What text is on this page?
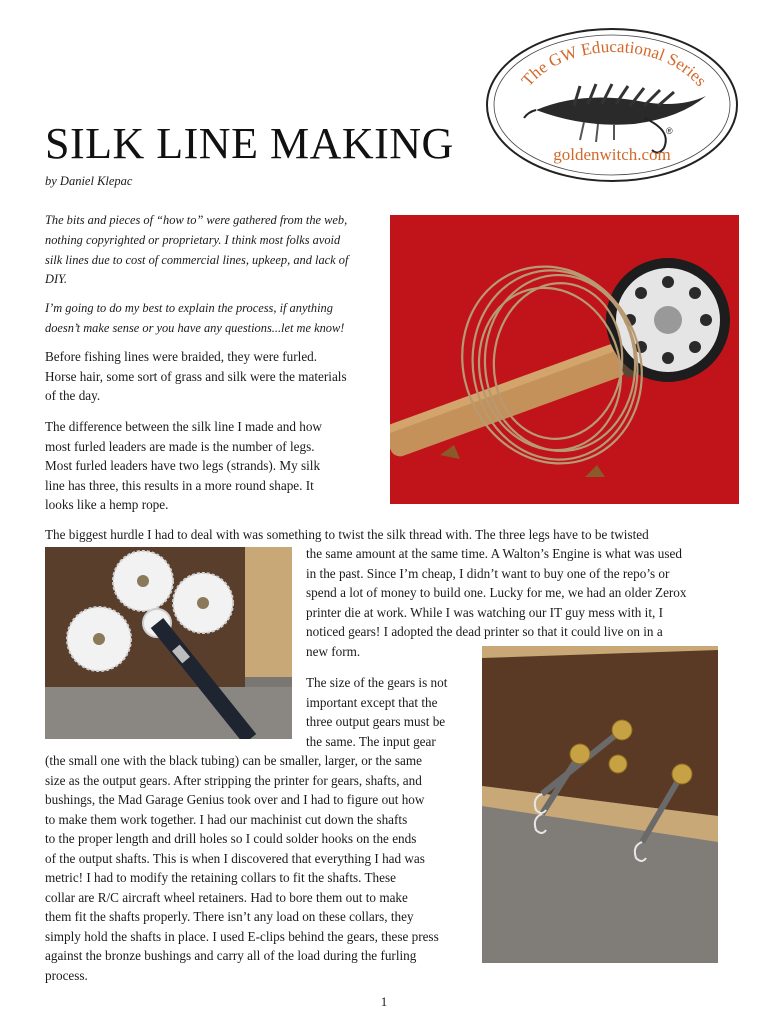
The GW Educational Series
®
goldenwitch.com
SILK LINE MAKING
by Daniel Klepac

The bits and pieces of “how to” were gathered from the web,
nothing copyrighted or proprietary. I think most folks avoid
silk lines due to cost of commercial lines, upkeep, and lack of
DIY.

I’m going to do my best to explain the process, if anything
doesn’t make sense or you have any questions...let me know!

Before fishing lines were braided, they were furled.
Horse hair, some sort of grass and silk were the materials
of the day.

The difference between the silk line I made and how
most furled leaders are made is the number of legs.
Most furled leaders have two legs (strands). My silk
line has three, this results in a more round shape. It
looks like a hemp rope.

The biggest hurdle I had to deal with was something to twist the silk thread with. The three legs have to be twisted

the same amount at the same time. A Walton’s Engine is what was used
in the past. Since I’m cheap, I didn’t want to buy one of the repo’s or
spend a lot of money to build one. Lucky for me, we had an older Zerox
printer die at work. While I was watching our IT guy mess with it, I
noticed gears! I adopted the dead printer so that it could live on in a
new form.

The size of the gears is not
important except that the
three output gears must be
the same. The input gear

(the small one with the black tubing) can be smaller, larger, or the same
size as the output gears. After stripping the printer for gears, shafts, and
bushings, the Mad Garage Genius took over and I had to figure out how
to make them work together. I had our machinist cut down the shafts
to the proper length and drill holes so I could solder hooks on the ends
of the output shafts. This is when I discovered that everything I had was
metric! I had to modify the retaining collars to fit the shafts. These
collar are R/C aircraft wheel retainers. Had to bore them out to make
them fit the shafts properly. There isn’t any load on these collars, they
simply hold the shafts in place. I used E-clips behind the gears, these press
against the bronze bushings and carry all of the load during the furling
process.

1
